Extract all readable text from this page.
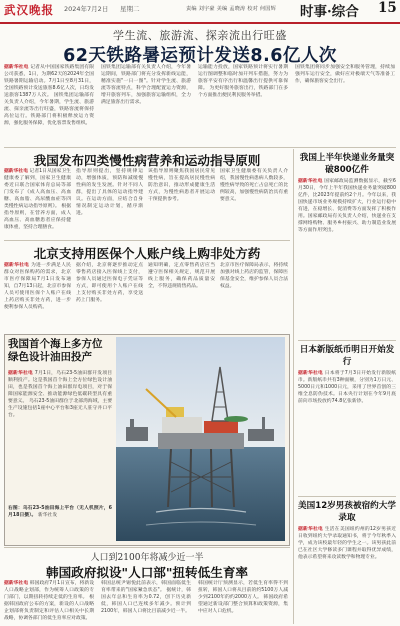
武汉晚报 2024年7月2日 星期二	责编 刘宇豪 美编 孟晓涛 校对 何国辉 时事·综合 15
学生流、旅游流、探亲流出行旺盛
62天铁路暑运预计发送8.6亿人次
据新华社电 记者从中国国家铁路集团有限公司获悉，1日，为期62天的2024年全国铁路暑期运输启动。7月1日至8月31日，全国铁路预计发送旅客8.6亿人次，日均发送旅客1387万人次。 国铁集团运输部有关负责人介绍，今年暑期，学生流、旅游流、探亲流等出行旺盛，铁路客流将保持高位运行。铁路部门将积极释放运力资源，强化服务保障，优化客票发售组织。
国铁集团运输部有关负责人介绍，今年暑运期间，铁路部门将充分发挥新线运能，精准实施"一日一图"。针对学生流、旅游流等客流特点，科学合理配置运力资源，增开旅客列车，加强旅客运输组织，全力满足旅客出行需求。
运输能力投放，国家铁路预计将实行暑期运行图调整和临时加开列车措施，努力为旅客平安有序出行和温馨出行提供可靠保障。 为更好服务旅客出行，铁路部门在多个方面推出便民利民服务举措。
国铁集团将同步加强安全和服务管理，持续加强列车运行安全，做好应对极端天气等准备工作，确保旅客安全出行。
我国发布四类慢性病营养和运动指导原则
据新华社电 记者1日从国家卫生健康委了解到，国家卫生健康委近日联合国家体育总局等部门发布了《成人高血压、高血糖、高血脂、高尿酸血症等四类慢性病运动指导原则》。 根据指导原则，在营养方面，成人高血压、高血糖患者应保持健康体重，坚持合理膳食。
指导原则提出，坚持规律运动，增强体质，预防和减缓慢性病的发生发展。针对不同人群，提出了具体的运动指导建议。在运动方面，应结合自身情况制定运动计划，循序渐进。
该指导原则聚焦我国居民常见慢性病，旨在提高居民慢性病防治意识，推动形成健康生活方式，为慢性病患者开展运动干预提供参考。
国家卫生健康委有关负责人介绍，我国慢性病患病人数较多，慢性病导致的死亡占总死亡的比例较高，加强慢性病防治具有重要意义。
北京支持用医保个人账户线上购非处方药
据新华社电 为进一步满足人民群众对医保购药的需求，北京市医疗保障局7月1日发布通知，自7月13日起，北京市参保人员可使用医保个人账户在线上药店购买非处方药，进一步便利参保人员购药。
据介绍，北京将逐步推动定点零售药店接入医保线上支付，参保人员通过医保电子凭证等方式，即可使用个人账户在线上支付购买非处方药，享受送药上门服务。
通知明确，定点零售药店应当遵守医保相关规定，规范开展线上服务，确保药品质量安全，不得违规销售药品。
北京市医疗保障局表示，将持续加强对线上药店的监管，保障医保基金安全，维护参保人员合法权益。
我国首个海上多方位绿色设计油田投产
据新华社电 7月1日，乌石23-5油田群开发项目顺利投产。这是我国首个海上全方位绿色设计油田，也是我国首个海上油田群岸电项目，对于保障国家能源安全、推动能源绿色低碳转型具有重要意义。 乌石23-5油田群位于北部湾海域，主要生产设施包括1座中心平台和3座无人驻守井口平台。
右图：乌石23-5油田海上平台（无人机照片，6月18日摄）。 新华社发
人口到2100年将减少近一半
韩国政府拟设"人口部"扭转低生育率
据新华社电 韩国政府7月1日宣布，将新设人口战略企划部，作为统筹人口政策的专门部门，以期扭转持续走低的生育率。 根据韩国政府公布的方案，新设的人口战略企划部将负责制定和评估人口相关中长期战略，协调各部门的低生育率应对政策。
韩国总统尹锡悦此前表示，韩国面临低生育率带来的"国家紧急状态"。 据统计，韩国去年总和生育率为0.72，创下历史新低，韩国人口已连续多年减少。预计到2100年，韩国人口将比目前减少近一半。
韩国统计厅预测显示，若低生育率得不到扭转，韩国人口将从目前的约5100万人减少到2100年的约2000万人。 韩国政府希望通过新设部门整合预算和政策资源，集中应对人口危机。
我国上半年快递业务量突破800亿件
据新华社电 国家邮政局监测数据显示，截至6月30日，今年上半年我国快递业务量突破800亿件，比2023年提前约2个月。今年以来，我国快递市场业务规模持续扩大，行业运行稳中有进，在稳增长、促消费等方面发挥了积极作用。国家邮政局有关负责人介绍，快递业在支撑网络购物、服务乡村振兴、助力制造业发展等方面作用突出。
日本新版纸币明日开始发行
据新华社电 日本将于7月3日开始发行新版纸币。新版纸币共有3种面额，分别为1万日元、5000日元和1000日元，采用了世界首创的三维全息防伪技术。日本央行计划在今年9月底前向市场投放约74.8亿张新钞。
美国12岁男孩被宿约大学录取
据新华社电 生活在美国纽约州的12岁男孩近日收到纽约大学录取通知书，将于今年秋季入学，成为该校最年轻的学生之一。该男孩此前已在社区大学修读多门课程并取得优异成绩，他表示希望将来攻读数学和物理专业。
